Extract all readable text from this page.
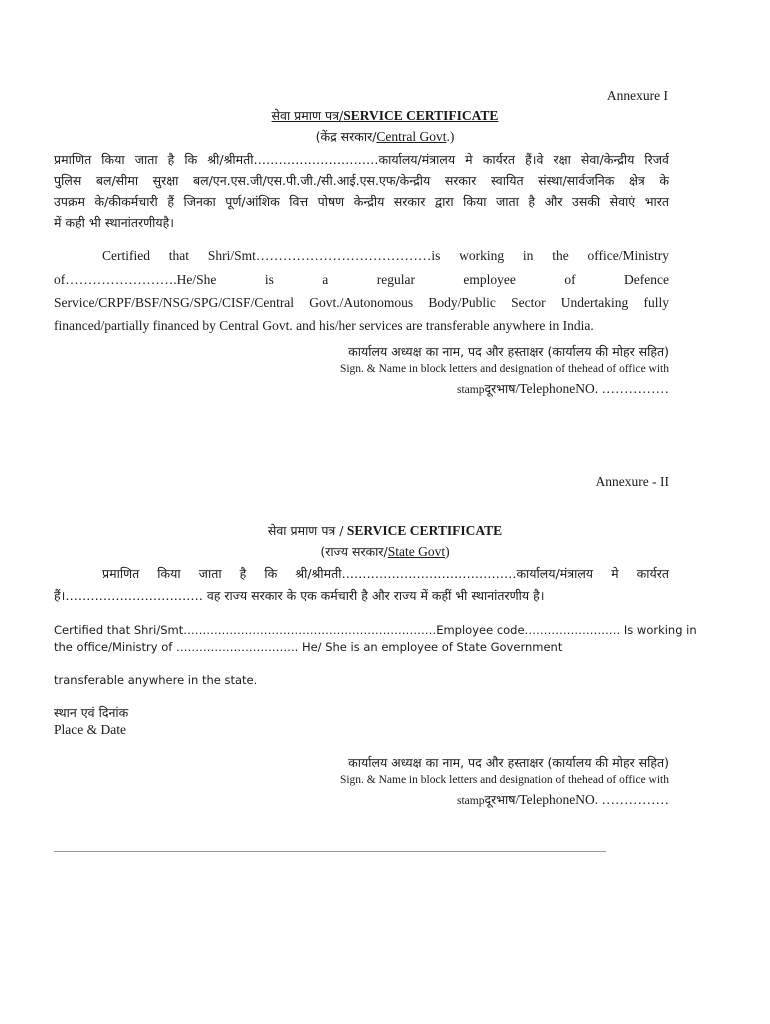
Annexure I
सेवा प्रमाण पत्र/SERVICE CERTIFICATE
(केंद्र सरकार/Central Govt.)
प्रमाणित किया जाता है कि श्री/श्रीमती…………………………कार्यालय/मंत्रालय मे कार्यरत हैं।वे रक्षा सेवा/केन्द्रीय रिजर्व
पुलिस बल/सीमा सुरक्षा बल/एन.एस.जी/एस.पी.जी./सी.आई.एस.एफ/केन्द्रीय सरकार स्वायित संस्था/सार्वजनिक क्षेत्र के
उपक्रम के/कीकर्मचारी हैं जिनका पूर्ण/आंशिक वित्त पोषण केन्द्रीय सरकार द्वारा किया जाता है और उसकी सेवाएं भारत
में कही भी स्थानांतरणीयहै।
Certified that Shri/Smt…………………………………is working in the office/Ministry
of…………………….He/She is a regular employee of Defence
Service/CRPF/BSF/NSG/SPG/CISF/Central Govt./Autonomous Body/Public Sector Undertaking fully
financed/partially financed by Central Govt. and his/her services are transferable anywhere in India.
कार्यालय अध्यक्ष का नाम, पद और हस्ताक्षर (कार्यालय की मोहर सहित)
Sign. & Name in block letters and designation of thehead of office with
stampदूरभाष/TelephoneNO. ……………
Annexure - II
सेवा प्रमाण पत्र / SERVICE CERTIFICATE
(राज्य सरकार/State Govt)
प्रमाणित किया जाता है कि श्री/श्रीमती……………………………………कार्यालय/मंत्रालय मे कार्यरत
हैं।…………………………… वह राज्य सरकार के एक कर्मचारी है और राज्य में कहीं भी स्थानांतरणीय है।
Certified that Shri/Smt…………………………………………………………Employee code……………………. Is working in
the office/Ministry of ………………………….. He/ She is an employee of State Government
transferable anywhere in the state.
स्थान एवं दिनांक
Place & Date
कार्यालय अध्यक्ष का नाम, पद और हस्ताक्षर (कार्यालय की मोहर सहित)
Sign. & Name in block letters and designation of thehead of office with
stampदूरभाष/TelephoneNO. ……………
——————————————————————————————————————————————
